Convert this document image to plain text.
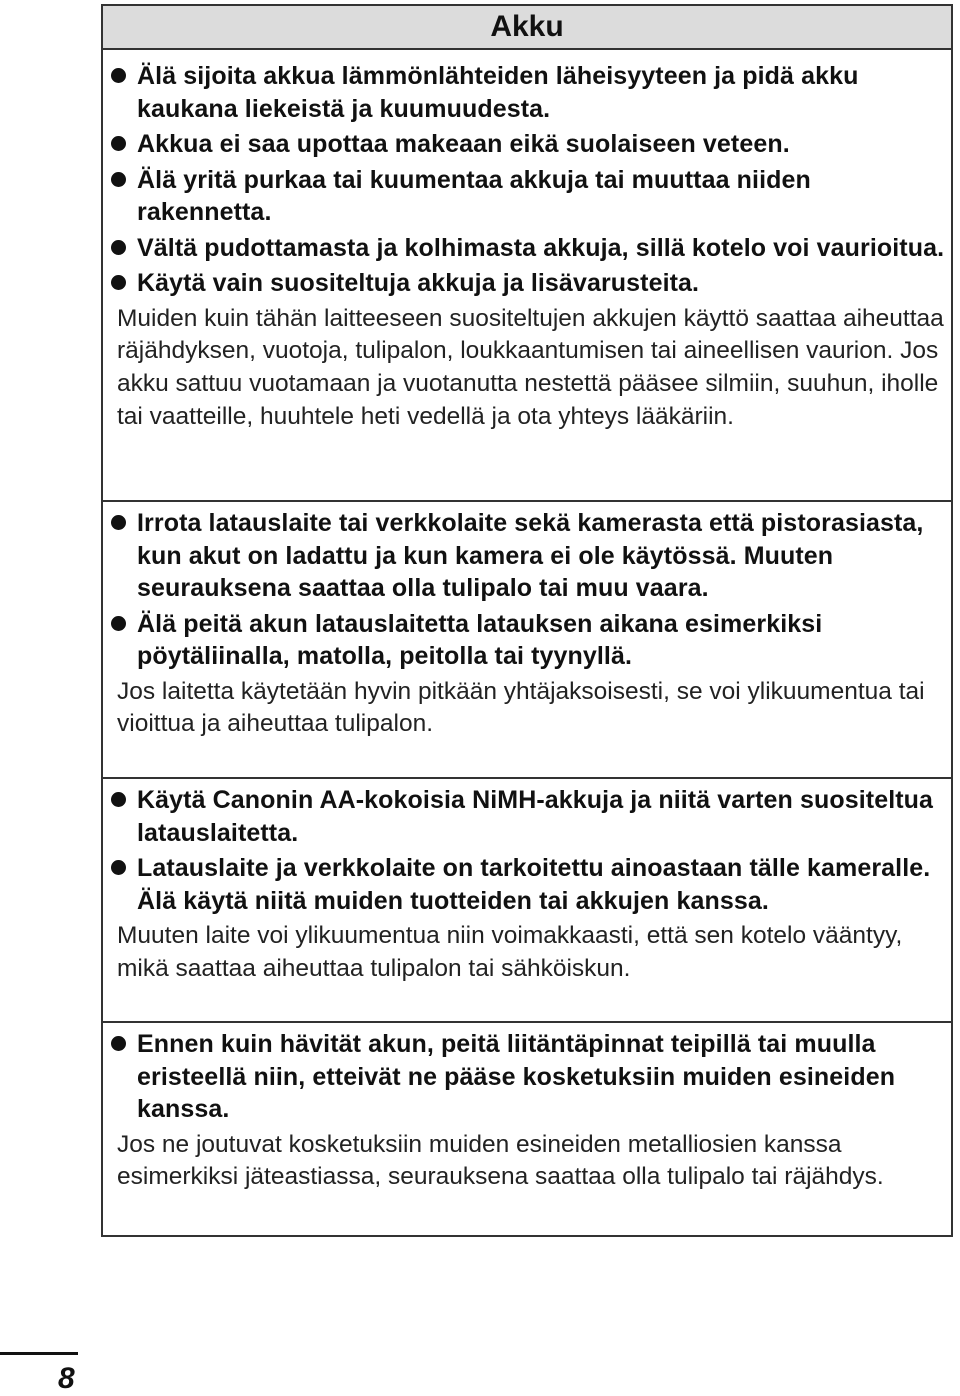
Akku
Älä sijoita akkua lämmönlähteiden läheisyyteen ja pidä akku kaukana liekeistä ja kuumuudesta.
Akkua ei saa upottaa makeaan eikä suolaiseen veteen.
Älä yritä purkaa tai kuumentaa akkuja tai muuttaa niiden rakennetta.
Vältä pudottamasta ja kolhimasta akkuja, sillä kotelo voi vaurioitua.
Käytä vain suositeltuja akkuja ja lisävarusteita.
Muiden kuin tähän laitteeseen suositeltujen akkujen käyttö saattaa aiheuttaa räjähdyksen, vuotoja, tulipalon, loukkaantumisen tai aineellisen vaurion. Jos akku sattuu vuotamaan ja vuotanutta nestettä pääsee silmiin, suuhun, iholle tai vaatteille, huuhtele heti vedellä ja ota yhteys lääkäriin.
Irrota latauslaite tai verkkolaite sekä kamerasta että pistorasiasta, kun akut on ladattu ja kun kamera ei ole käytössä. Muuten seurauksena saattaa olla tulipalo tai muu vaara.
Älä peitä akun latauslaitetta latauksen aikana esimerkiksi pöytäliinalla, matolla, peitolla tai tyynyllä.
Jos laitetta käytetään hyvin pitkään yhtäjaksoisesti, se voi ylikuumentua tai vioittua ja aiheuttaa tulipalon.
Käytä Canonin AA-kokoisia NiMH-akkuja ja niitä varten suositeltua latauslaitetta.
Latauslaite ja verkkolaite on tarkoitettu ainoastaan tälle kameralle. Älä käytä niitä muiden tuotteiden tai akkujen kanssa.
Muuten laite voi ylikuumentua niin voimakkaasti, että sen kotelo vääntyy, mikä saattaa aiheuttaa tulipalon tai sähköiskun.
Ennen kuin hävität akun, peitä liitäntäpinnat teipillä tai muulla eristeellä niin, etteivät ne pääse kosketuksiin muiden esineiden kanssa.
Jos ne joutuvat kosketuksiin muiden esineiden metalliosien kanssa esimerkiksi jäteastiassa, seurauksena saattaa olla tulipalo tai räjähdys.
8
